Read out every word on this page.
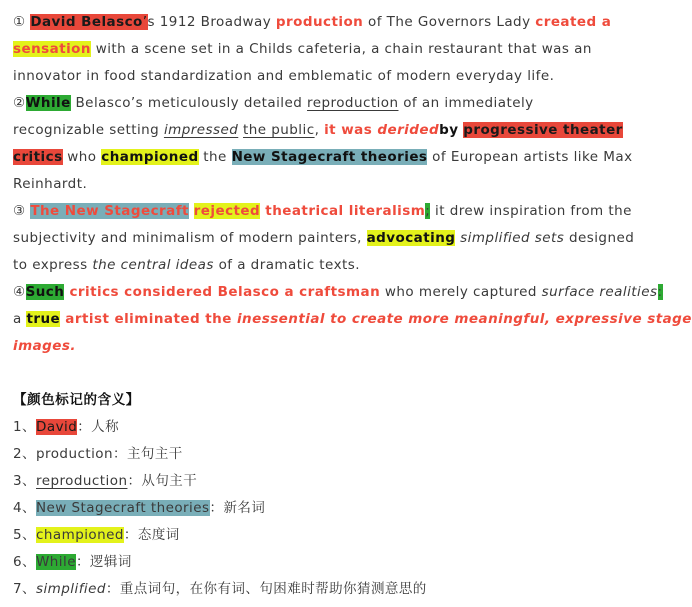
① David Belasco’s 1912 Broadway production of The Governors Lady created a
sensation with a scene set in a Childs cafeteria, a chain restaurant that was an
innovator in food standardization and emblematic of modern everyday life.
②While Belasco’s meticulously detailed reproduction of an immediately
recognizable setting impressed the public, it was deridedby progressive theater
critics who championed the New Stagecraft theories of European artists like Max
Reinhardt.
③ The New Stagecraft rejected theatrical literalism; it drew inspiration from the
subjectivity and minimalism of modern painters, advocating simplified sets designed
to express the central ideas of a dramatic texts.
④Such critics considered Belasco a craftsman who merely captured surface realities:
a true artist eliminated the inessential to create more meaningful, expressive stage
images.
【颜色标记的含义】
1、David：人称
2、production：主句主干
3、reproduction：从句主干
4、New Stagecraft theories：新名词
5、championed：态度词
6、While：逻辑词
7、simplified：重点词句，在你有词、句困难时帮助你猜测意思的
